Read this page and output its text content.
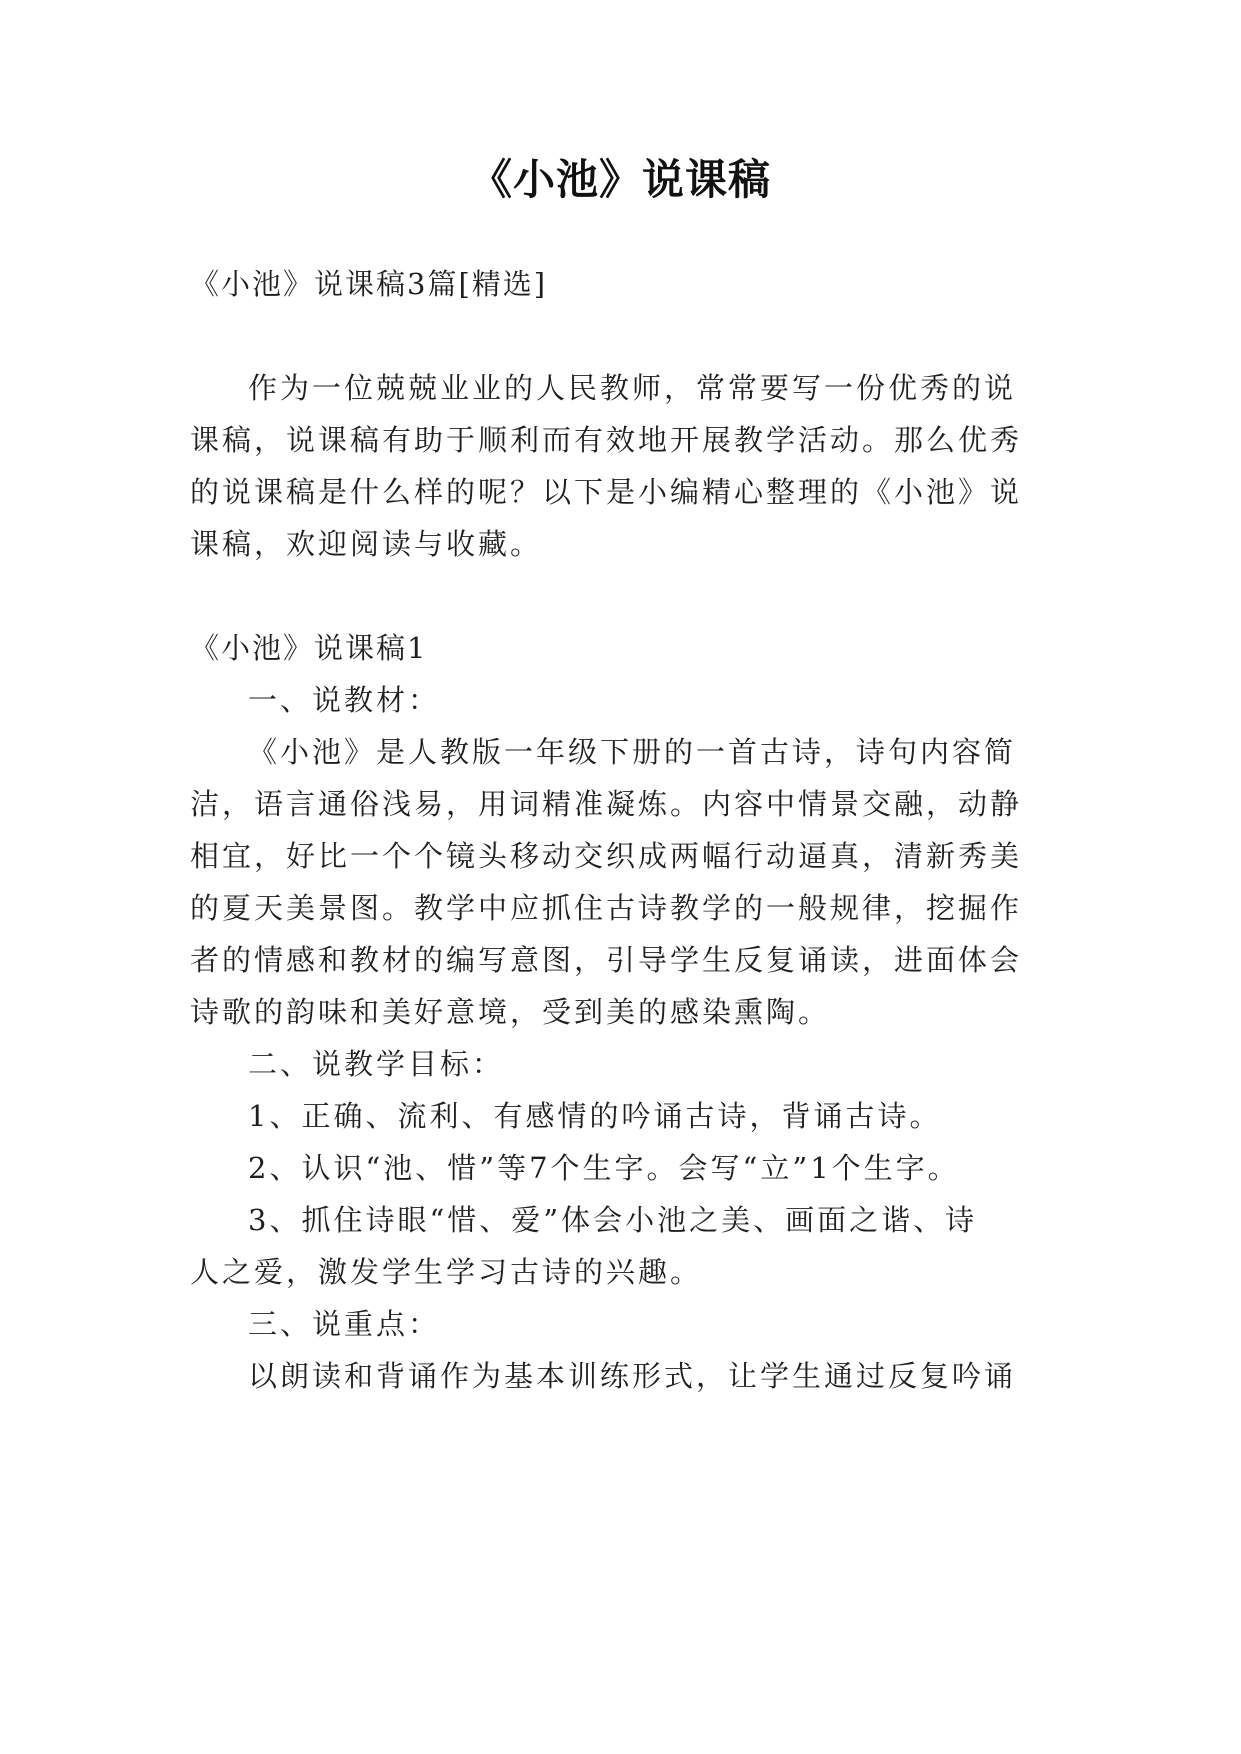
《小池》说课稿
《小池》说课稿3篇[精选]
作为一位兢兢业业的人民教师，常常要写一份优秀的说
课稿，说课稿有助于顺利而有效地开展教学活动。那么优秀
的说课稿是什么样的呢？以下是小编精心整理的《小池》说
课稿，欢迎阅读与收藏。
《小池》说课稿1
一、说教材：
《小池》是人教版一年级下册的一首古诗，诗句内容简
洁，语言通俗浅易，用词精准凝炼。内容中情景交融，动静
相宜，好比一个个镜头移动交织成两幅行动逼真，清新秀美
的夏天美景图。教学中应抓住古诗教学的一般规律，挖掘作
者的情感和教材的编写意图，引导学生反复诵读，进面体会
诗歌的韵味和美好意境，受到美的感染熏陶。
二、说教学目标：
1、正确、流利、有感情的吟诵古诗，背诵古诗。
2、认识“池、惜”等7个生字。会写“立”1个生字。
3、抓住诗眼“惜、爱”体会小池之美、画面之谐、诗
人之爱，激发学生学习古诗的兴趣。
三、说重点：
以朗读和背诵作为基本训练形式，让学生通过反复吟诵
